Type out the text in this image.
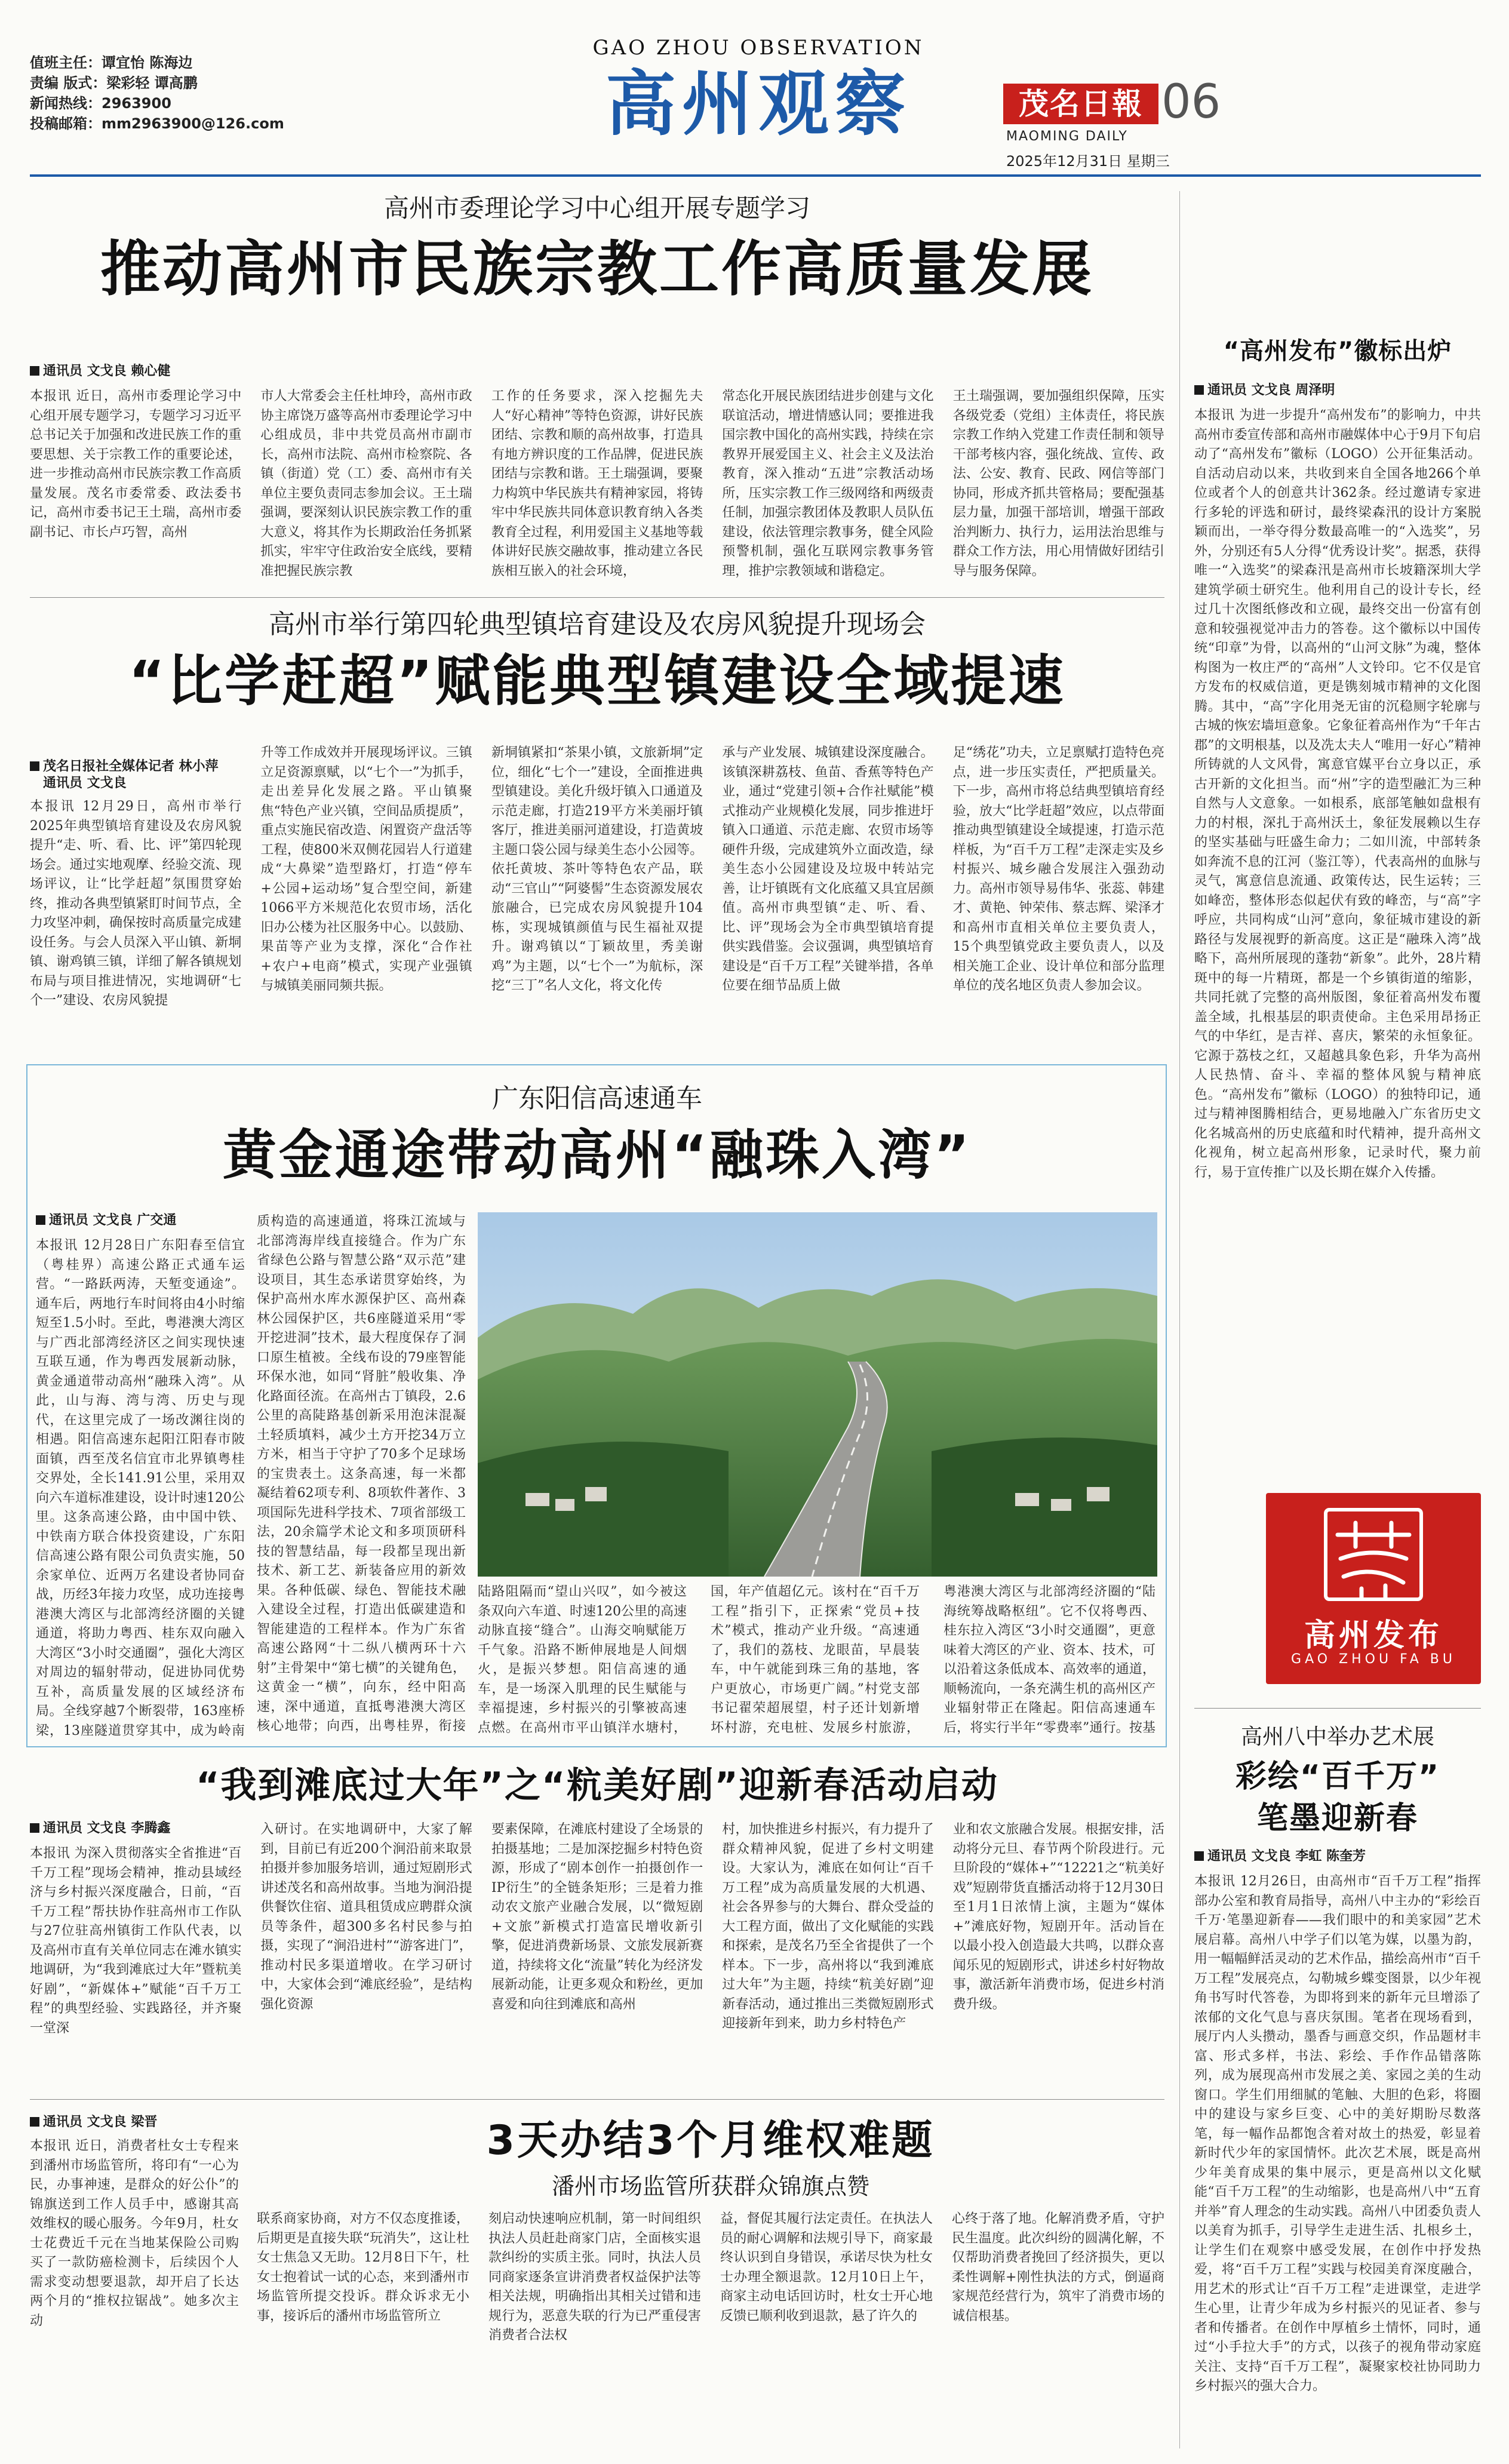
值班主任：谭宜怡 陈海边
责编 版式：梁彩轻 谭高鹏
新闻热线：2963900
投稿邮箱：mm2963900@126.com
GAO ZHOU OBSERVATION
高州观察	茂名日報 06
MAOMING DAILY
2025年12月31日 星期三

高州市委理论学习中心组开展专题学习

推动高州市民族宗教工作高质量发展

通讯员 文戈良 赖心健

本报讯 近日，高州市委理论学习中心组开展专题学习，专题学习习近平总书记关于加强和改进民族工作的重要思想、关于宗教工作的重要论述，进一步推动高州市民族宗教工作高质量发展。茂名市委常委、政法委书记，高州市委书记王土瑞，高州市委副书记、市长卢巧智，高州

市人大常委会主任杜坤玲，高州市政协主席饶万盛等高州市委理论学习中心组成员，非中共党员高州市副市长，高州市法院、高州市检察院、各镇（街道）党（工）委、高州市有关单位主要负责同志参加会议。王土瑞强调，要深刻认识民族宗教工作的重大意义，将其作为长期政治任务抓紧抓实，牢牢守住政治安全底线，要精准把握民族宗教

工作的任务要求，深入挖掘先夫人“好心精神”等特色资源，讲好民族团结、宗教和顺的高州故事，打造具有地方辨识度的工作品牌，促进民族团结与宗教和谐。王土瑞强调，要聚力构筑中华民族共有精神家园，将铸牢中华民族共同体意识教育纳入各类教育全过程，利用爱国主义基地等载体讲好民族交融故事，推动建立各民族相互嵌入的社会环境，

常态化开展民族团结进步创建与文化联谊活动，增进情感认同；要推进我国宗教中国化的高州实践，持续在宗教界开展爱国主义、社会主义及法治教育，深入推动“五进”宗教活动场所，压实宗教工作三级网络和两级责任制，加强宗教团体及教职人员队伍建设，依法管理宗教事务，健全风险预警机制，强化互联网宗教事务管理，推护宗教领域和谐稳定。

王土瑞强调，要加强组织保障，压实各级党委（党组）主体责任，将民族宗教工作纳入党建工作责任制和领导干部考核内容，强化统战、宣传、政法、公安、教育、民政、网信等部门协同，形成齐抓共管格局；要配强基层力量，加强干部培训，增强干部政治判断力、执行力，运用法治思维与群众工作方法，用心用情做好团结引导与服务保障。

高州市举行第四轮典型镇培育建设及农房风貌提升现场会

“比学赶超”赋能典型镇建设全域提速

茂名日报社全媒体记者 林小萍

通讯员 文戈良

本报讯 12月29日，高州市举行2025年典型镇培育建设及农房风貌提升“走、听、看、比、评”第四轮现场会。通过实地观摩、经验交流、现场评议，让“比学赶超”氛围贯穿始终，推动各典型镇紧盯时间节点，全力攻坚冲刺，确保按时高质量完成建设任务。与会人员深入平山镇、新垌镇、谢鸡镇三镇，详细了解各镇规划布局与项目推进情况，实地调研“七个一”建设、农房风貌提

升等工作成效并开展现场评议。三镇立足资源禀赋，以“七个一”为抓手，走出差异化发展之路。平山镇聚焦“特色产业兴镇，空间品质提质”，重点实施民宿改造、闲置资产盘活等工程，使800米双侧花园岩人行道建成“大鼻梁”造型路灯，打造“停车+公园+运动场”复合型空间，新建1066平方米规范化农贸市场，活化旧办公楼为社区服务中心。以鼓励、果苗等产业为支撑，深化“合作社+农户+电商”模式，实现产业强镇与城镇美丽同频共振。

新垌镇紧扣“茶果小镇，文旅新垌”定位，细化“七个一”建设，全面推进典型镇建设。美化升级圩镇入口通道及示范走廊，打造219平方米美丽圩镇客厅，推进美丽河道建设，打造黄坡主题口袋公园与绿美生态小公园等。依托黄坡、茶叶等特色农产品，联动“三官山”“阿婆髻”生态资源发展农旅融合，已完成农房风貌提升104栋，实现城镇颜值与民生福祉双提升。谢鸡镇以“丁颖故里，秀美谢鸡”为主题，以“七个一”为航标，深挖“三丁”名人文化，将文化传

承与产业发展、城镇建设深度融合。该镇深耕荔枝、鱼苗、香蕉等特色产业，通过“党建引领+合作社赋能”模式推动产业规模化发展，同步推进圩镇入口通道、示范走廊、农贸市场等硬件升级，完成建筑外立面改造，绿美生态小公园建设及垃圾中转站完善，让圩镇既有文化底蕴又具宜居颜值。高州市典型镇“走、听、看、比、评”现场会为全市典型镇培育提供实践借鉴。会议强调，典型镇培育建设是“百千万工程”关键举措，各单位要在细节品质上做

足“绣花”功夫，立足禀赋打造特色亮点，进一步压实责任，严把质量关。下一步，高州市将总结典型镇培育经验，放大“比学赶超”效应，以点带面推动典型镇建设全域提速，打造示范样板，为“百千万工程”走深走实及乡村振兴、城乡融合发展注入强劲动力。高州市领导易伟华、张蕊、韩建才、黄艳、钟荣伟、蔡志辉、梁泽才和高州市直相关单位主要负责人，15个典型镇党政主要负责人，以及相关施工企业、设计单位和部分监理单位的茂名地区负责人参加会议。

广东阳信高速通车

黄金通途带动高州“融珠入湾”

通讯员 文戈良 广交通

本报讯 12月28日广东阳春至信宜（粤桂界）高速公路正式通车运营。“一路跃两涛，天堑变通途”。通车后，两地行车时间将由4小时缩短至1.5小时。至此，粤港澳大湾区与广西北部湾经济区之间实现快速互联互通，作为粤西发展新动脉，黄金通道带动高州“融珠入湾”。从此，山与海、湾与湾、历史与现代，在这里完成了一场改渊往岗的相遇。阳信高速东起阳江阳春市陂面镇，西至茂名信宜市北界镇粤桂交界处，全长141.91公里，采用双向六车道标准建设，设计时速120公里。这条高速公路，由中国中铁、中铁南方联合体投资建设，广东阳信高速公路有限公司负责实施，50余家单位、近两万名建设者协同奋战，历经3年接力攻坚，成功连接粤港澳大湾区与北部湾经济圈的关键通道，将助力粤西、桂东双向融入大湾区“3小时交通圈”，强化大湾区对周边的辐射带动，促进协同优势互补，高质量发展的区域经济布局。全线穿越7个断裂带，163座桥梁，13座隧道贯穿其中，成为岭南

质构造的高速通道，将珠江流域与北部湾海岸线直接缝合。作为广东省绿色公路与智慧公路“双示范”建设项目，其生态承诺贯穿始终，为保护高州水库水源保护区、高州森林公园保护区，共6座隧道采用“零开挖进洞”技术，最大程度保存了洞口原生植被。全线布设的79座智能环保水池，如同“肾脏”般收集、净化路面径流。在高州古丁镇段，2.6公里的高陡路基创新采用泡沫混凝土轻质填料，减少土方开挖34万立方米，相当于守护了70多个足球场的宝贵表土。这条高速，每一米都凝结着62项专利、8项软件著作、3项国际先进科学技术、7项省部级工法，20余篇学术论文和多项顶研科技的智慧结晶，每一段都呈现出新技术、新工艺、新装备应用的新效果。各种低碳、绿色、智能技术融入建设全过程，打造出低碳建造和智能建造的工程样本。作为广东省高速公路网“十二纵八横两环十六射”主骨架中“第七横”的关键角色，这黄金一“横”，向东，经中阳高速，深中通道，直抵粤港澳大湾区核心地带；向西，出粤桂界，衔接

陆路阻隔而“望山兴叹”，如今被这条双向六车道、时速120公里的高速动脉直接“缝合”。山海交响赋能万千气象。沿路不断伸展地是人间烟火，是振兴梦想。阳信高速的通车，是一场深入肌理的民生赋能与幸福提速，乡村振兴的引擎被高速点燃。在高州市平山镇洋水塘村，

国，年产值超亿元。该村在“百千万工程”指引下，正探索“党员+技术”模式，推动产业升级。“高速通了，我们的荔枝、龙眼苗，早晨装车，中午就能到珠三角的基地，客户更放心，市场更广阔。”村党支部书记翟荣超展望，村子还计划新增坏村游，充电桩、发展乡村旅游，

粤港澳大湾区与北部湾经济圈的“陆海统筹战略枢纽”。它不仅将粤西、桂东拉入湾区“3小时交通圈”，更意味着大湾区的产业、资本、技术，可以沿着这条低成本、高效率的通道，顺畅流向，一条充满生机的高州区产业辐射带正在隆起。阳信高速通车后，将实行半年“零费率”通行。按基

“我到滩底过大年”之“粇美好剧”迎新春活动启动

通讯员 文戈良 李腾鑫

本报讯 为深入贯彻落实全省推进“百千万工程”现场会精神，推动县域经济与乡村振兴深度融合，日前，“百千万工程”帮扶协作驻高州市工作队与27位驻高州镇街工作队代表，以及高州市直有关单位同志在滩水镇实地调研，为“我到滩底过大年”暨粇美好剧”，“新媒体+”赋能“百千万工程”的典型经验、实践路径，并齐聚一堂深

入研讨。在实地调研中，大家了解到，目前已有近200个涧沿前来取景拍摄并参加服务培训，通过短剧形式讲述茂名和高州故事。当地为涧沿提供餐饮住宿、道具租赁成应聘群众演员等条件，超300多名村民参与拍摄，实现了“涧沿进村”“游客进门”，推动村民多渠道增收。在学习研讨中，大家体会到“滩底经验”，是结构强化资源

要素保障，在滩底村建设了全场景的拍摄基地；二是加深挖掘乡村特色资源，形成了“剧本创作一拍摄创作一IP衍生”的全链条矩形；三是着力推动农文旅产业融合发展，以“微短剧+文旅”新模式打造富民增收新引擎，促进消费新场景、文旅发展新赛道，持续将文化“流量”转化为经济发展新动能，让更多观众和粉丝，更加喜爱和向往到滩底和高州

村，加快推进乡村振兴，有力提升了群众精神风貌，促进了乡村文明建设。大家认为，滩底在如何让“百千万工程”成为高质量发展的大机遇、社会各界参与的大舞台、群众受益的大工程方面，做出了文化赋能的实践和探索，是茂名乃至全省提供了一个样本。下一步，高州将以“我到滩底过大年”为主题，持续“粇美好剧”迎新春活动，通过推出三类微短剧形式迎接新年到来，助力乡村特色产

业和农文旅融合发展。根据安排，活动将分元旦、春节两个阶段进行。元旦阶段的“媒体+”“12221之“粇美好戏”短剧带货直播活动将于12月30日至1月1日浓情上演，主题为“媒体+”滩底好物，短剧开年。活动旨在以最小投入创造最大共鸣，以群众喜闻乐见的短剧形式，讲述乡村好物故事，激活新年消费市场，促进乡村消费升级。

通讯员 文戈良 梁晋

本报讯 近日，消费者杜女士专程来到潘州市场监管所，将印有“一心为民，办事神速，是群众的好公仆”的锦旗送到工作人员手中，感谢其高效维权的暖心服务。今年9月，杜女士花费近千元在当地某保险公司购买了一款防癌检测卡，后续因个人需求变动想要退款，却开启了长达两个月的“推权拉锯战”。她多次主动

3天办结3个月维权难题

潘州市场监管所获群众锦旗点赞

联系商家协商，对方不仅态度推诿，后期更是直接失联“玩消失”，这让杜女士焦急又无助。12月8日下午，杜女士抱着试一试的心态，来到潘州市场监管所提交投诉。群众诉求无小事，接诉后的潘州市场监管所立

刻启动快速响应机制，第一时间组织执法人员赶赴商家门店，全面核实退款纠纷的实质主张。同时，执法人员同商家逐条宣讲消费者权益保护法等相关法规，明确指出其相关过错和违规行为，恶意失联的行为已严重侵害消费者合法权

益，督促其履行法定责任。在执法人员的耐心调解和法规引导下，商家最终认识到自身错误，承诺尽快为杜女士办理全额退款。12月10日上午，商家主动电话回访时，杜女士开心地反馈已顺利收到退款，悬了许久的

心终于落了地。化解消费矛盾，守护民生温度。此次纠纷的圆满化解，不仅帮助消费者挽回了经济损失，更以柔性调解+刚性执法的方式，倒逼商家规范经营行为，筑牢了消费市场的诚信根基。

“高州发布”徽标出炉

通讯员 文戈良 周泽明

本报讯 为进一步提升“高州发布”的影响力，中共高州市委宣传部和高州市融媒体中心于9月下旬启动了“高州发布”徽标（LOGO）公开征集活动。自活动启动以来，共收到来自全国各地266个单位或者个人的创意共计362条。经过邀请专家进行多轮的评选和研讨，最终梁森汛的设计方案脱颖而出，一举夺得分数最高唯一的“入选奖”，另外，分别还有5人分得“优秀设计奖”。据悉，获得唯一“入选奖”的梁森汛是高州市长坡籍深圳大学建筑学硕士研究生。他利用自己的设计专长，经过几十次图纸修改和立砚，最终交出一份富有创意和较强视觉冲击力的答卷。这个徽标以中国传统“印章”为骨，以高州的“山河文脉”为魂，整体构图为一枚庄严的“高州”人文铃印。它不仅是官方发布的权威信道，更是镌刻城市精神的文化图腾。其中，“高”字化用尧无宙的沉稳厕字轮廓与古城的恢宏墙垣意象。它象征着高州作为“千年古郡”的文明根基，以及冼太夫人“唯用一好心”精神所铸就的人文风骨，寓意官媒平台立身以正，承古开新的文化担当。而“州”字的造型融汇为三种自然与人文意象。一如根系，底部笔触如盘根有力的村根，深扎于高州沃土，象征发展赖以生存的坚实基础与旺盛生命力；二如川流，中部转条如奔流不息的江河（鉴江等），代表高州的血脉与灵气，寓意信息流通、政策传达，民生运转；三如峰峦，整体形态似起伏有致的峰峦，与“高”字呼应，共同构成“山河”意向，象征城市建设的新路径与发展视野的新高度。这正是“融珠入湾”战略下，高州所展现的蓬勃“新象”。此外，28片精斑中的每一片精斑，都是一个乡镇街道的缩影，共同托就了完整的高州版图，象征着高州发布覆盖全域，扎根基层的职责使命。主色采用昂扬正气的中华红，是吉祥、喜庆，繁荣的永恒象征。它源于荔枝之红，又超越具象色彩，升华为高州人民热情、奋斗、幸福的整体风貌与精神底色。“高州发布”徽标（LOGO）的独特印记，通过与精神图腾相结合，更易地融入广东省历史文化名城高州的历史底蕴和时代精神，提升高州文化视角，树立起高州形象，记录时代，聚力前行，易于宣传推广以及长期在媒介入传播。

高州发布
GAO ZHOU FA BU

高州八中举办艺术展

彩绘“百千万”

笔墨迎新春

通讯员 文戈良 李虹 陈奎芳

本报讯 12月26日，由高州市“百千万工程”指挥部办公室和教育局指导，高州八中主办的“彩绘百千万·笔墨迎新春——我们眼中的和美家园”艺术展启幕。高州八中学子们以笔为媒，以墨为韵，用一幅幅鲜活灵动的艺术作品，描绘高州市“百千万工程”发展亮点，勾勒城乡蝶变图景，以少年视角书写时代答卷，为即将到来的新年元旦增添了浓郁的文化气息与喜庆氛围。笔者在现场看到，展厅内人头攒动，墨香与画意交织，作品题材丰富、形式多样，书法、彩绘、手作作品错落陈列，成为展现高州市发展之美、家园之美的生动窗口。学生们用细腻的笔触、大胆的色彩，将圈中的建设与家乡巨变、心中的美好期盼尽数落笔，每一幅作品都饱含着对故土的热爱，彰显着新时代少年的家国情怀。此次艺术展，既是高州少年美育成果的集中展示，更是高州以文化赋能“百千万工程”的生动缩影，也是高州八中“五育并举”育人理念的生动实践。高州八中团委负责人以美育为抓手，引导学生走进生活、扎根乡土，让学生们在观察中感受发展，在创作中抒发热爱，将“百千万工程”实践与校园美育深度融合，用艺术的形式让“百千万工程”走进课堂，走进学生心里，让青少年成为乡村振兴的见证者、参与者和传播者。在创作中厚植乡土情怀，同时，通过“小手拉大手”的方式，以孩子的视角带动家庭关注、支持“百千万工程”，凝聚家校社协同助力乡村振兴的强大合力。
